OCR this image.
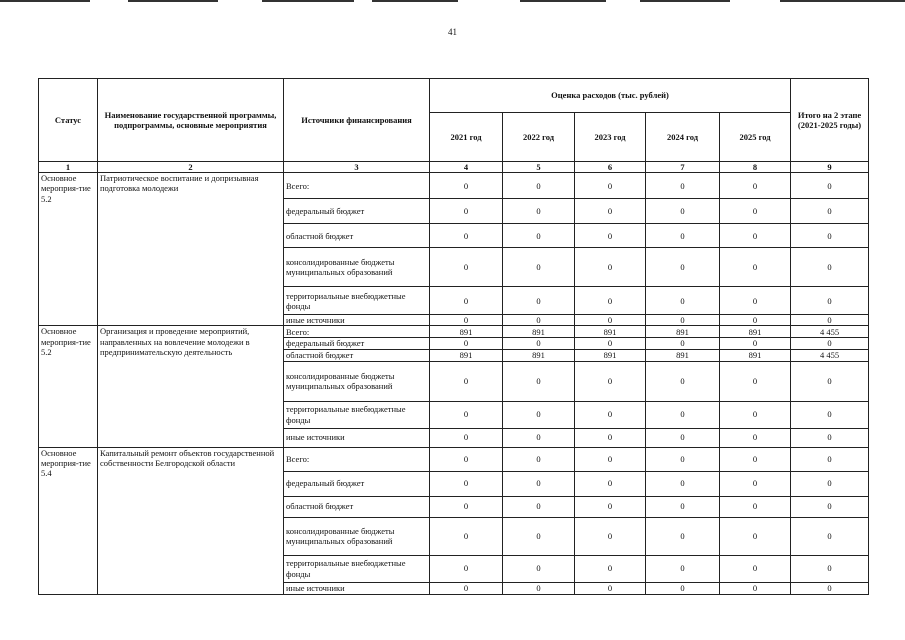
41
Статус	Наименование государственной программы, подпрограммы, основные мероприятия	Источники финансирования	Оценка расходов (тыс. рублей)					Итого на 2 этапе (2021-2025 годы)
			2021 год	2022 год	2023 год	2024 год	2025 год	
1	2	3	4	5	6	7	8	9
Основное мероприя-тие 5.2	Патриотическое воспитание и допризывная подготовка молодежи	Всего:	0	0	0	0	0	0
		федеральный бюджет	0	0	0	0	0	0
		областной бюджет	0	0	0	0	0	0
		консолидированные бюджеты муниципальных образований	0	0	0	0	0	0
		территориальные внебюджетные фонды	0	0	0	0	0	0
		иные источники	0	0	0	0	0	0
Основное мероприя-тие 5.2	Организация и проведение мероприятий, направленных на вовлечение молодежи в предпринимательскую деятельность	Всего:	891	891	891	891	891	4 455
		федеральный бюджет	0	0	0	0	0	0
		областной бюджет	891	891	891	891	891	4 455
		консолидированные бюджеты муниципальных образований	0	0	0	0	0	0
		территориальные внебюджетные фонды	0	0	0	0	0	0
		иные источники	0	0	0	0	0	0
Основное мероприя-тие 5.4	Капитальный ремонт объектов государственной собственности Белгородской области	Всего:	0	0	0	0	0	0
		федеральный бюджет	0	0	0	0	0	0
		областной бюджет	0	0	0	0	0	0
		консолидированные бюджеты муниципальных образований	0	0	0	0	0	0
		территориальные внебюджетные фонды	0	0	0	0	0	0
		иные источники	0	0	0	0	0	0
